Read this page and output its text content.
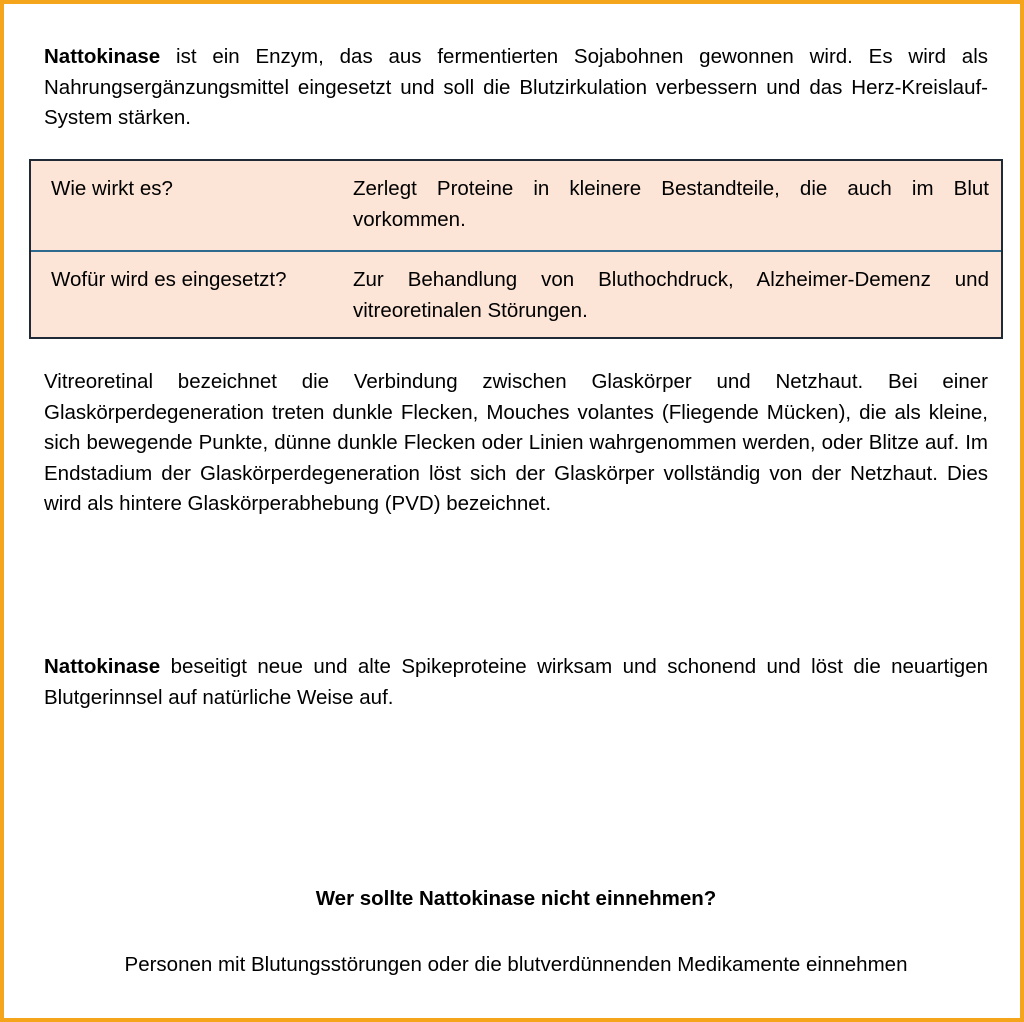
Nattokinase ist ein Enzym, das aus fermentierten Sojabohnen gewonnen wird. Es wird als Nahrungsergänzungsmittel eingesetzt und soll die Blutzirkulation verbessern und das Herz-Kreislauf-System stärken.

Wie wirkt es?	Zerlegt Proteine in kleinere Bestandteile, die auch im Blut vorkommen.
Wofür wird es eingesetzt?	Zur Behandlung von Bluthochdruck, Alzheimer-Demenz und vitreoretinalen Störungen.

Vitreoretinal bezeichnet die Verbindung zwischen Glaskörper und Netzhaut. Bei einer Glaskörperdegeneration treten dunkle Flecken, Mouches volantes (Fliegende Mücken), die als kleine, sich bewegende Punkte, dünne dunkle Flecken oder Linien wahrgenommen werden, oder Blitze auf. Im Endstadium der Glaskörperdegeneration löst sich der Glaskörper vollständig von der Netzhaut. Dies wird als hintere Glaskörperabhebung (PVD) bezeichnet.

Nattokinase beseitigt neue und alte Spikeproteine wirksam und schonend und löst die neuartigen Blutgerinnsel auf natürliche Weise auf.

Wer sollte Nattokinase nicht einnehmen?

Personen mit Blutungsstörungen oder die blutverdünnenden Medikamente einnehmen
